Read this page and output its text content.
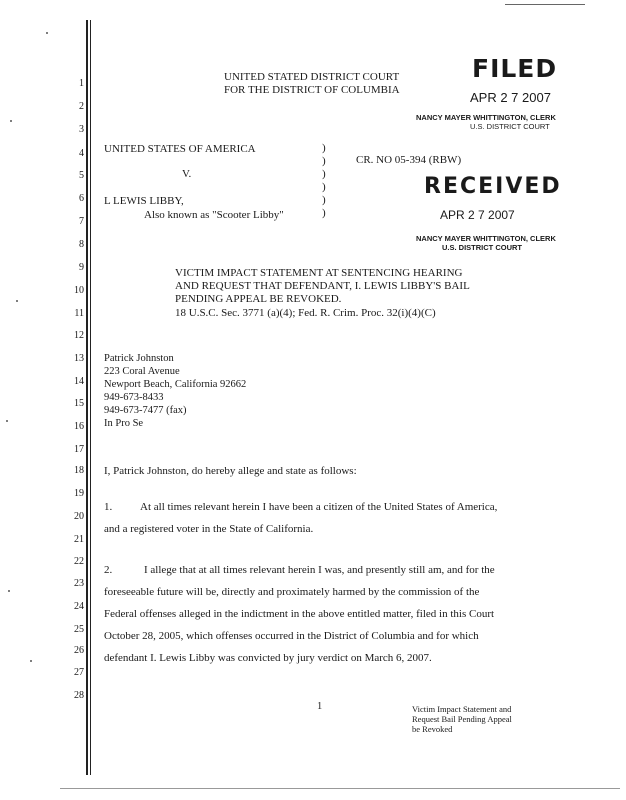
1
2
3
4
5
6
7
8
9
10
11
12
13
14
15
16
17
18
19
20
21
22
23
24
25
26
27
28
UNITED STATED DISTRICT COURT
FOR THE DISTRICT OF COLUMBIA
FILED
APR 2 7 2007
NANCY MAYER WHITTINGTON, CLERK
U.S. DISTRICT COURT
UNITED STATES OF AMERICA
V.
L LEWIS LIBBY,
Also known as "Scooter Libby"
)
)
)
)
)
)
CR. NO 05-394 (RBW)
RECEIVED
APR 2 7 2007
NANCY MAYER WHITTINGTON, CLERK
U.S. DISTRICT COURT
VICTIM IMPACT STATEMENT AT SENTENCING HEARING
AND REQUEST THAT DEFENDANT, I. LEWIS LIBBY'S BAIL
PENDING APPEAL BE REVOKED.
18 U.S.C. Sec. 3771 (a)(4); Fed. R. Crim. Proc. 32(i)(4)(C)
Patrick Johnston
223 Coral Avenue
Newport Beach, California 92662
949-673-8433
949-673-7477 (fax)
In Pro Se
I, Patrick Johnston, do hereby allege and state as follows:
1.	At all times relevant herein I have been a citizen of the United States of America,
and a registered voter in the State of California.
2.	I allege that at all times relevant herein I was, and presently still am, and for the
foreseeable future will be, directly and proximately harmed by the commission of the
Federal offenses alleged in the indictment in the above entitled matter, filed in this Court
October 28, 2005, which offenses occurred in the District of Columbia and for which
defendant I. Lewis Libby was convicted by jury verdict on March 6, 2007.
1	Victim Impact Statement and
Request Bail Pending Appeal
be Revoked
